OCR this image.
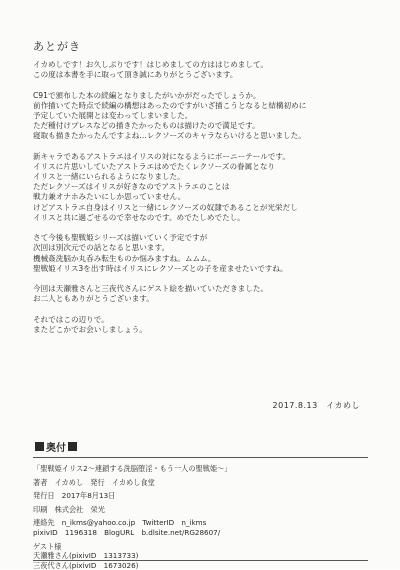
あとがき
イカめしです！お久しぶりです！はじめましての方ははじめまして。
この度は本書を手に取って頂き誠にありがとうございます。
C91で頒布した本の続編となりましたがいかがだったでしょうか。
前作描いてた時点で続編の構想はあったのですがいざ描こうとなると結構初めに
予定していた展開とは変わってしまいました。
ただ種付けプレスなどの描きたかったものは描けたので満足です。
寝取も描きたかったんですよね…レクソーズのキャラならいけると思いました。
新キャラであるアストラエはイリスの対になるようにボーニーテールです。
イリスに片思いしていたアストラエはめでたくレクソーズの眷属となり
イリスと一緒にいられるようになりました。
ただレクソーズはイリスが好きなのでアストラエのことは
戦力兼オナホみたいにしか思っていません。
けどアストラエ自身はイリスと一緒にレクソーズの奴隷であることが光栄だし
イリスと共に過ごせるので幸せなのです。めでたしめでたし。
さて今後も聖戦姫シリーズは描いていく予定ですが
次回は別次元での話となると思います。
機械姦洗脳か丸呑み転生ものか悩みますね。ムムム。
聖戦姫イリス3を出す時はイリスにレクソーズとの子を産ませたいですね。
今回は天瀬雅さんと三夜代さんにゲスト絵を描いていただきました。
お二人ともありがとうございます。
それではこの辺りで。
またどこかでお会いしましょう。
2017.8.13　イカめし
奥付
「聖戦姫イリス2～連鎖する洗脳堕淫・もう一人の聖戦姫～」
著者　イカめし　発行　イカめし食堂
発行日　2017年8月13日
印刷　株式会社　栄光
連絡先　n_ikms@yahoo.co.jp　TwitterID　n_ikms
pixivID　1196318　BlogURL　b.dlsite.net/RG28607/
ゲスト様
天瀬雅さん(pixivID　1313733)
三夜代さん(pixivID　1673026)
